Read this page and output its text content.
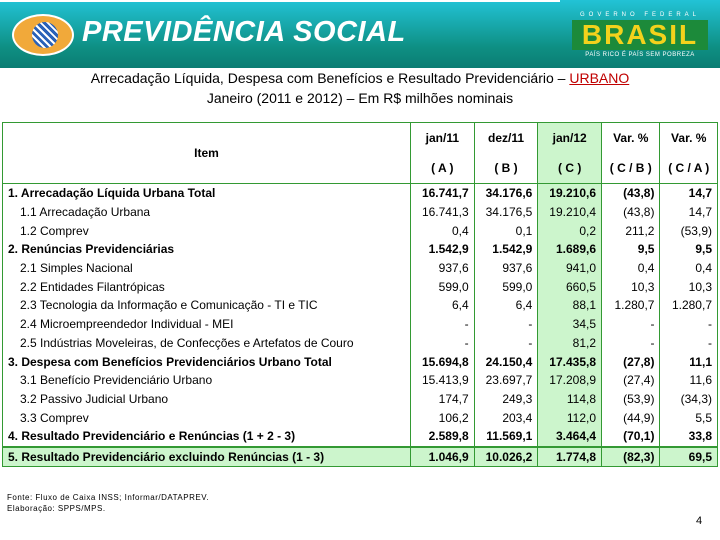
PREVIDÊNCIA SOCIAL
GOVERNO FEDERAL
BRASIL
PAÍS RICO É PAÍS SEM POBREZA
Arrecadação Líquida, Despesa com Benefícios e Resultado Previdenciário – URBANO
Janeiro (2011 e 2012) – Em R$ milhões nominais
Item	jan/11	dez/11	jan/12	Var. %	Var. %
	( A )	( B )	( C )	( C / B )	( C / A )
1. Arrecadação Líquida Urbana Total	16.741,7	34.176,6	19.210,6	(43,8)	14,7
1.1 Arrecadação Urbana	16.741,3	34.176,5	19.210,4	(43,8)	14,7
1.2 Comprev	0,4	0,1	0,2	211,2	(53,9)
2. Renúncias Previdenciárias	1.542,9	1.542,9	1.689,6	9,5	9,5
2.1 Simples Nacional	937,6	937,6	941,0	0,4	0,4
2.2 Entidades Filantrópicas	599,0	599,0	660,5	10,3	10,3
2.3 Tecnologia da Informação e Comunicação - TI e TIC	6,4	6,4	88,1	1.280,7	1.280,7
2.4 Microempreendedor Individual - MEI	-	-	34,5	-	-
2.5 Indústrias Moveleiras, de Confecções e Artefatos de Couro	-	-	81,2	-	-
3. Despesa com Benefícios Previdenciários Urbano Total	15.694,8	24.150,4	17.435,8	(27,8)	11,1
3.1 Benefício Previdenciário Urbano	15.413,9	23.697,7	17.208,9	(27,4)	11,6
3.2 Passivo Judicial Urbano	174,7	249,3	114,8	(53,9)	(34,3)
3.3 Comprev	106,2	203,4	112,0	(44,9)	5,5
4. Resultado Previdenciário e Renúncias (1 + 2 - 3)	2.589,8	11.569,1	3.464,4	(70,1)	33,8
5. Resultado Previdenciário excluindo Renúncias (1 - 3)	1.046,9	10.026,2	1.774,8	(82,3)	69,5
Fonte: Fluxo de Caixa INSS; Informar/DATAPREV.
Elaboração: SPPS/MPS.
4
